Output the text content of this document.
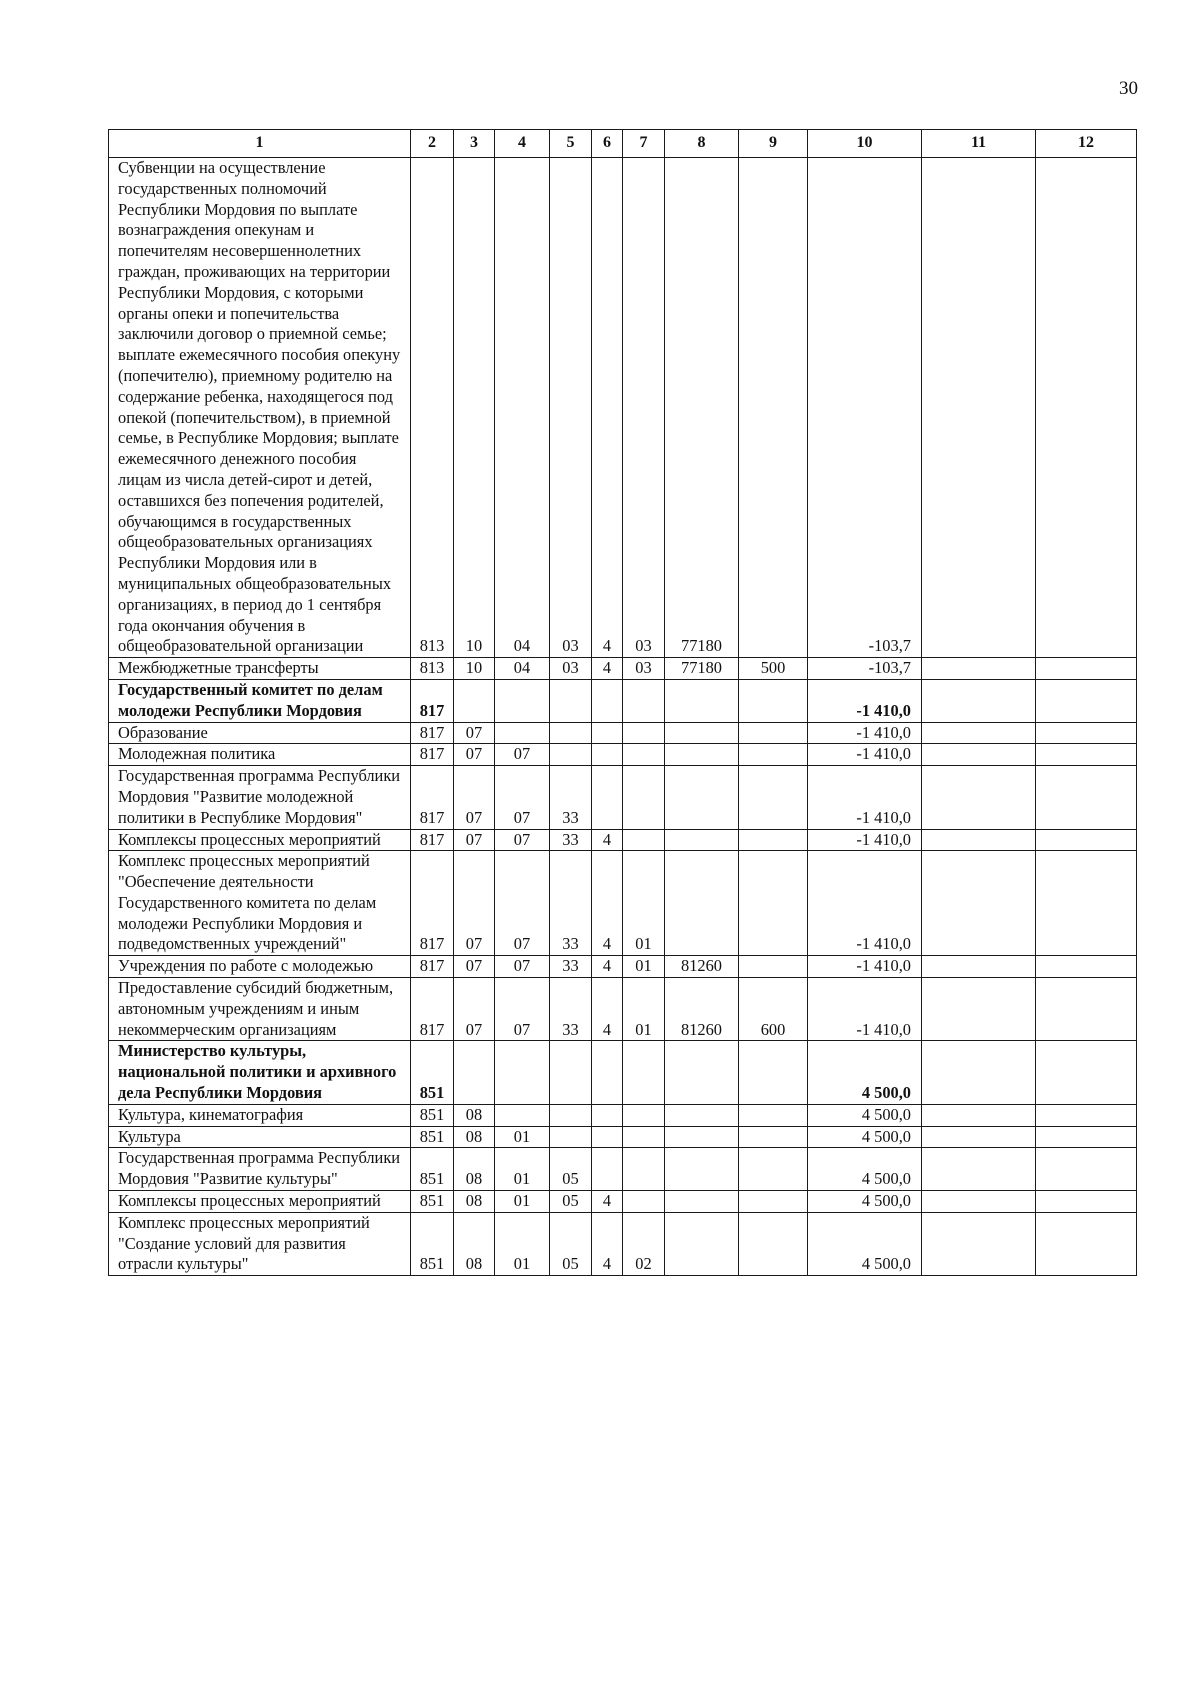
30
1	2	3	4	5	6	7	8	9	10	11	12
Субвенции на осуществление государственных полномочий Республики Мордовия по выплате вознаграждения опекунам и попечителям несовершеннолетних граждан, проживающих на территории Республики Мордовия, с которыми органы опеки и попечительства заключили договор о приемной семье; выплате ежемесячного пособия опекуну (попечителю), приемному родителю на содержание ребенка, находящегося под опекой (попечительством), в приемной семье, в Республике Мордовия; выплате ежемесячного денежного пособия лицам из числа детей-сирот и детей, оставшихся без попечения родителей, обучающимся в государственных общеобразовательных организациях Республики Мордовия или в муниципальных общеобразовательных организациях, в период до 1 сентября года окончания обучения в общеобразовательной организации	813	10	04	03	4	03	77180		-103,7		
Межбюджетные трансферты	813	10	04	03	4	03	77180	500	-103,7		
Государственный комитет по делам молодежи Республики Мордовия	817								-1 410,0		
Образование	817	07							-1 410,0		
Молодежная политика	817	07	07						-1 410,0		
Государственная программа Республики Мордовия "Развитие молодежной политики в Республике Мордовия"	817	07	07	33					-1 410,0		
Комплексы процессных мероприятий	817	07	07	33	4				-1 410,0		
Комплекс процессных мероприятий "Обеспечение деятельности Государственного комитета по делам молодежи Республики Мордовия и подведомственных учреждений"	817	07	07	33	4	01			-1 410,0		
Учреждения по работе с молодежью	817	07	07	33	4	01	81260		-1 410,0		
Предоставление субсидий бюджетным, автономным учреждениям и иным некоммерческим организациям	817	07	07	33	4	01	81260	600	-1 410,0		
Министерство культуры, национальной политики и архивного дела Республики Мордовия	851								4 500,0		
Культура, кинематография	851	08							4 500,0		
Культура	851	08	01						4 500,0		
Государственная программа Республики Мордовия "Развитие культуры"	851	08	01	05					4 500,0		
Комплексы процессных мероприятий	851	08	01	05	4				4 500,0		
Комплекс процессных мероприятий "Создание условий для развития отрасли культуры"	851	08	01	05	4	02			4 500,0		
